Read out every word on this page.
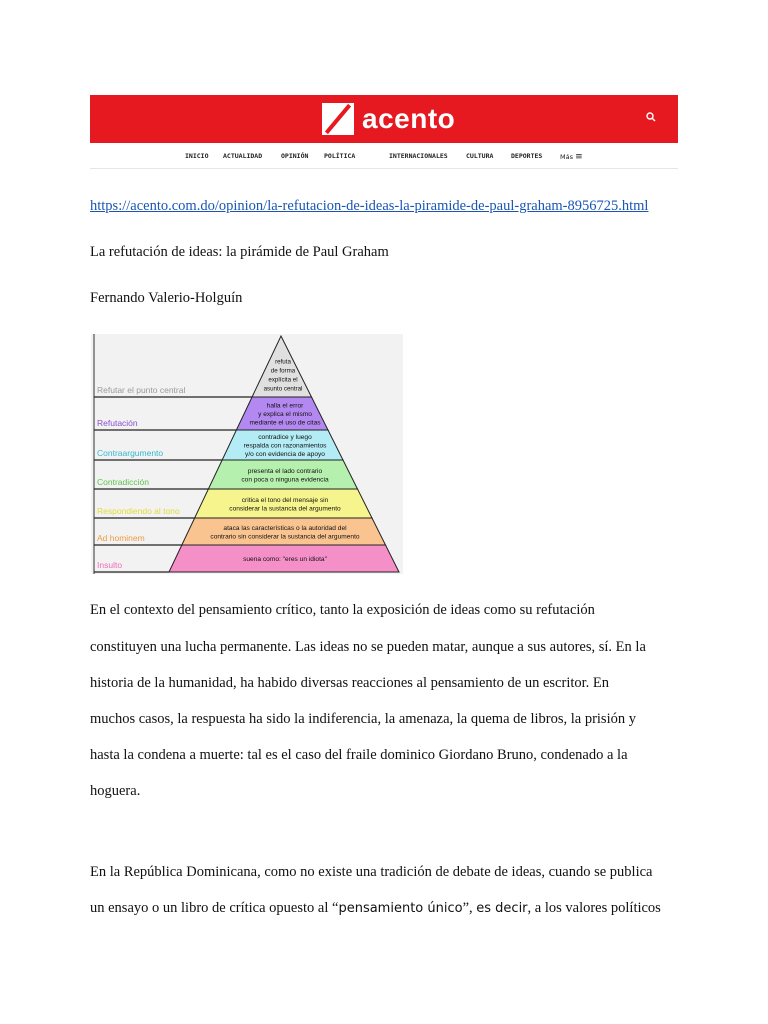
acento
INICIO ACTUALIDAD	OPINIÓN POLÍTICA	INTERNACIONALES	CULTURA	DEPORTES	Más ≡
https://acento.com.do/opinion/la-refutacion-de-ideas-la-piramide-de-paul-graham-8956725.html
La refutación de ideas: la pirámide de Paul Graham
Fernando Valerio-Holguín
Refutar el punto central
refuta
de forma
explícita el
asunto central
Refutación
halla el error
y explica el mismo
mediante el uso de citas
Contraargumento
contradice y luego
respalda con razonamientos
y/o con evidencia de apoyo
Contradicción
presenta el lado contrario
con poca o ninguna evidencia
Respondiendo al tono
critica el tono del mensaje sin
considerar la sustancia del argumento
Ad hominem
ataca las características o la autoridad del
contrario sin considerar la sustancia del argumento
Insulto
suena como: "eres un idiota"
En el contexto del pensamiento crítico, tanto la exposición de ideas como su refutación
constituyen una lucha permanente. Las ideas no se pueden matar, aunque a sus autores, sí. En la
historia de la humanidad, ha habido diversas reacciones al pensamiento de un escritor. En
muchos casos, la respuesta ha sido la indiferencia, la amenaza, la quema de libros, la prisión y
hasta la condena a muerte: tal es el caso del fraile dominico Giordano Bruno, condenado a la
hoguera.
En la República Dominicana, como no existe una tradición de debate de ideas, cuando se publica
un ensayo o un libro de crítica opuesto al “pensamiento único”, es decir, a los valores políticos
